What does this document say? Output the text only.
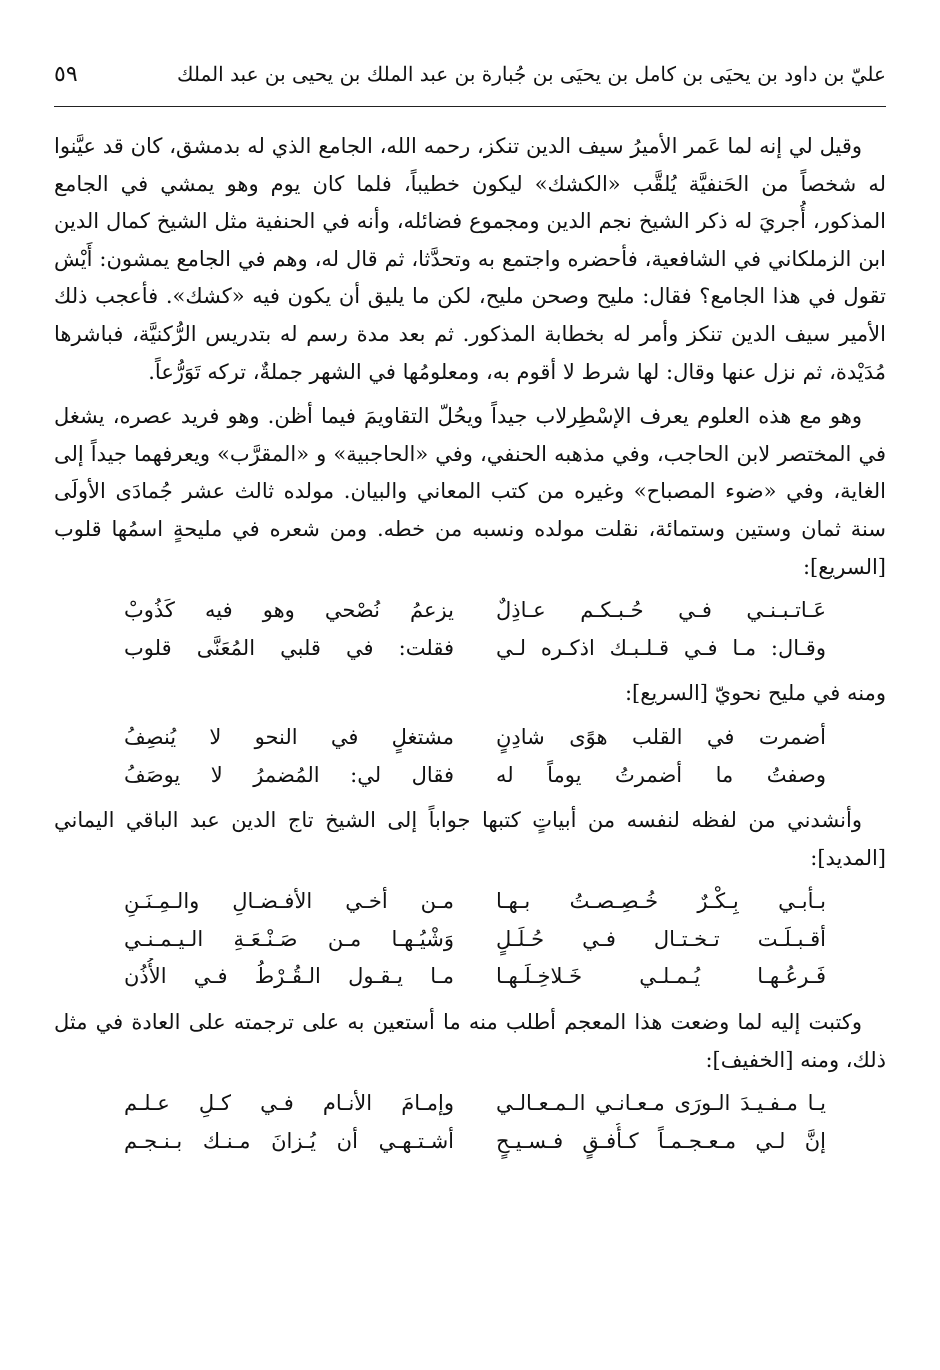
عليّ بن داود بن يحيَى بن كامل بن يحيَى بن جُبارة بن عبد الملك بن يحيى بن عبد الملك
٥٩

وقيل لي إنه لما عَمر الأميرُ سيف الدين تنكز، رحمه الله، الجامع الذي له بدمشق، كان قد عيَّنوا له شخصاً من الحَنفيَّة يُلقَّب «الكشك» ليكون خطيباً، فلما كان يوم وهو يمشي في الجامع المذكور، أُجريَ له ذكر الشيخ نجم الدين ومجموع فضائله، وأنه في الحنفية مثل الشيخ كمال الدين ابن الزملكاني في الشافعية، فأحضره واجتمع به وتحدَّثا، ثم قال له، وهم في الجامع يمشون: أَيْش تقول في هذا الجامع؟ فقال: مليح وصحن مليح، لكن ما يليق أن يكون فيه «كشك». فأعجب ذلك الأمير سيف الدين تنكز وأمر له بخطابة المذكور. ثم بعد مدة رسم له بتدريس الرُّكنيَّة، فباشرها مُدَيْدة، ثم نزل عنها وقال: لها شرط لا أقوم به، ومعلومُها في الشهر جملةٌ، تركه تَوَرُّعاً.

وهو مع هذه العلوم يعرف الإسْطِرلاب جيداً ويحُلّ التقاويمَ فيما أظن. وهو فريد عصره، يشغل في المختصر لابن الحاجب، وفي مذهبه الحنفي، وفي «الحاجبية» و «المقرَّب» ويعرفهما جيداً إلى الغاية، وفي «ضوء المصباح» وغيره من كتب المعاني والبيان. مولده ثالث عشر جُمادَى الأولَى سنة ثمان وستين وستمائة، نقلت مولده ونسبه من خطه. ومن شعره في مليحةٍ اسمُها قلوب [السريع]:

عَـاتـبـنـي فـي حُـبـكـم عـاذِلٌ
يزعمُ نُصْحي وهو فيه كَذُوبْ
وقـال: مـا فـي قـلـبـك اذكـره لـي
فقلت: في قلبي المُعَنَّى قلوب

ومنه في مليح نحويّ [السريع]:

أضمرت في القلب هوًى شادِنٍ
مشتغلٍ في النحو لا يُنصِفُ
وصفتُ ما أضمرتُ يوماً له
فقال لي: المُضمرُ لا يوصَفُ

وأنشدني من لفظه لنفسه من أبياتٍ كتبها جواباً إلى الشيخ تاج الدين عبد الباقي اليماني [المديد]:

بـأبـي بِـكْـرٌ خُـصِـصـتُ بـهـا
مـن أخـي الأفـضـالِ والـمِـنَـنِ
أقـبـلَـت تـخـتـال فـي حُـلَـلٍ
وَشْيُـهـا مـن صَـنْـعَـةِ الـيـمـنـي
فَـرعُـهـا يُـمـلـي خَـلاخِـلَـهـا
مـا يـقـول الـقُـرْطُ فـي الأُذُن

وكتبت إليه لما وضعت هذا المعجم أطلب منه ما أستعين به على ترجمته على العادة في مثل ذلك، ومنه [الخفيف]:

يـا مـفـيـدَ الـورَى مـعـانـي الـمـعـالـي
وإمـامَ الأنـام فـي كـلِ عـلـم
إنَّ لـي مـعـجـمـاً كـأُفـقٍ فـسـيـحٍ
أشـتـهـي أن يُـزانَ مـنـك بـنـجـم
